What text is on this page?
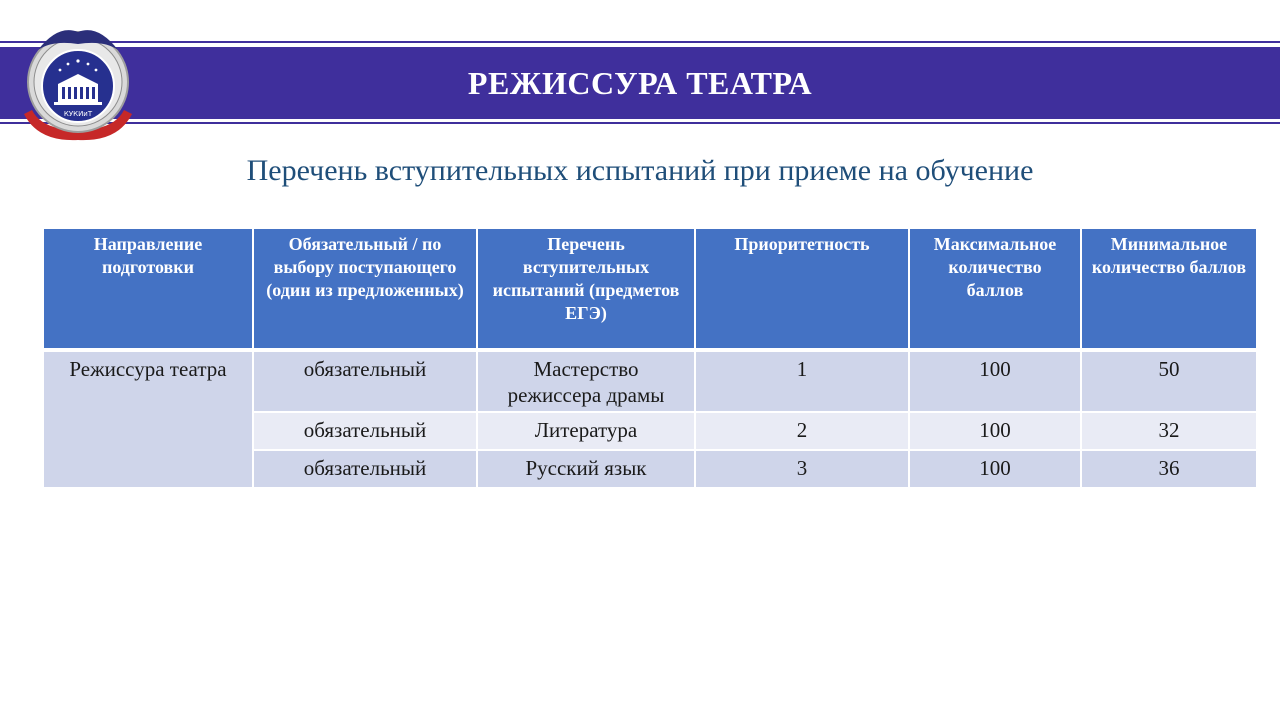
РЕЖИССУРА ТЕАТРА
КУКИиТ
Перечень вступительных испытаний при приеме на обучение
Направление подготовки	Обязательный / по выбору поступающего (один из предложенных)	Перечень вступительных испытаний (предметов ЕГЭ)	Приоритетность	Максимальное количество баллов	Минимальное количество баллов
Режиссура театра	обязательный	Мастерство режиссера драмы	1	100	50
	обязательный	Литература	2	100	32
	обязательный	Русский язык	3	100	36
